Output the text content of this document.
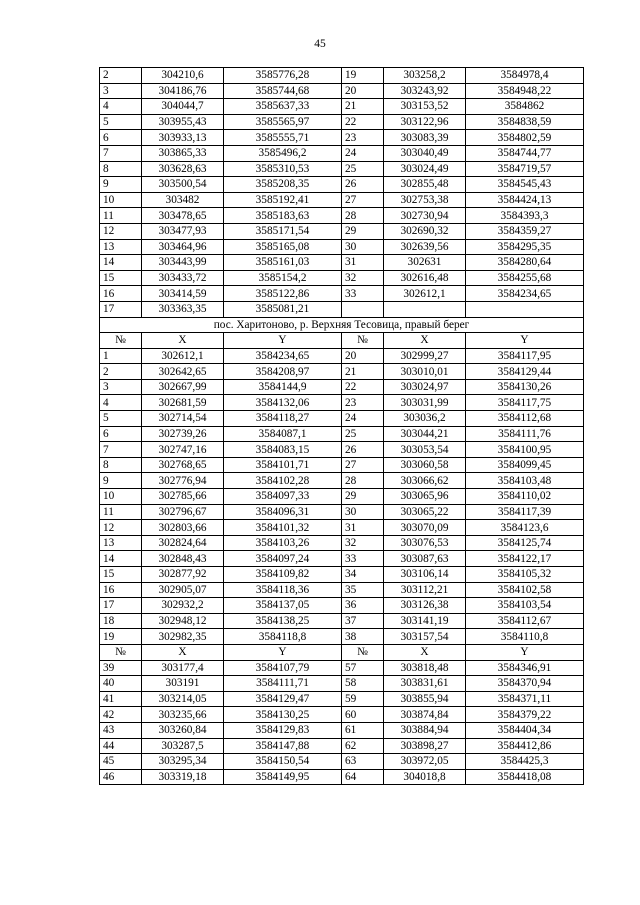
45
2	304210,6	3585776,28	19	303258,2	3584978,4
3	304186,76	3585744,68	20	303243,92	3584948,22
4	304044,7	3585637,33	21	303153,52	3584862
5	303955,43	3585565,97	22	303122,96	3584838,59
6	303933,13	3585555,71	23	303083,39	3584802,59
7	303865,33	3585496,2	24	303040,49	3584744,77
8	303628,63	3585310,53	25	303024,49	3584719,57
9	303500,54	3585208,35	26	302855,48	3584545,43
10	303482	3585192,41	27	302753,38	3584424,13
11	303478,65	3585183,63	28	302730,94	3584393,3
12	303477,93	3585171,54	29	302690,32	3584359,27
13	303464,96	3585165,08	30	302639,56	3584295,35
14	303443,99	3585161,03	31	302631	3584280,64
15	303433,72	3585154,2	32	302616,48	3584255,68
16	303414,59	3585122,86	33	302612,1	3584234,65
17	303363,35	3585081,21			
пос. Харитоново, р. Верхняя Тесовица, правый берег					
№	X	Y	№	X	Y
1	302612,1	3584234,65	20	302999,27	3584117,95
2	302642,65	3584208,97	21	303010,01	3584129,44
3	302667,99	3584144,9	22	303024,97	3584130,26
4	302681,59	3584132,06	23	303031,99	3584117,75
5	302714,54	3584118,27	24	303036,2	3584112,68
6	302739,26	3584087,1	25	303044,21	3584111,76
7	302747,16	3584083,15	26	303053,54	3584100,95
8	302768,65	3584101,71	27	303060,58	3584099,45
9	302776,94	3584102,28	28	303066,62	3584103,48
10	302785,66	3584097,33	29	303065,96	3584110,02
11	302796,67	3584096,31	30	303065,22	3584117,39
12	302803,66	3584101,32	31	303070,09	3584123,6
13	302824,64	3584103,26	32	303076,53	3584125,74
14	302848,43	3584097,24	33	303087,63	3584122,17
15	302877,92	3584109,82	34	303106,14	3584105,32
16	302905,07	3584118,36	35	303112,21	3584102,58
17	302932,2	3584137,05	36	303126,38	3584103,54
18	302948,12	3584138,25	37	303141,19	3584112,67
19	302982,35	3584118,8	38	303157,54	3584110,8
№	X	Y	№	X	Y
39	303177,4	3584107,79	57	303818,48	3584346,91
40	303191	3584111,71	58	303831,61	3584370,94
41	303214,05	3584129,47	59	303855,94	3584371,11
42	303235,66	3584130,25	60	303874,84	3584379,22
43	303260,84	3584129,83	61	303884,94	3584404,34
44	303287,5	3584147,88	62	303898,27	3584412,86
45	303295,34	3584150,54	63	303972,05	3584425,3
46	303319,18	3584149,95	64	304018,8	3584418,08
